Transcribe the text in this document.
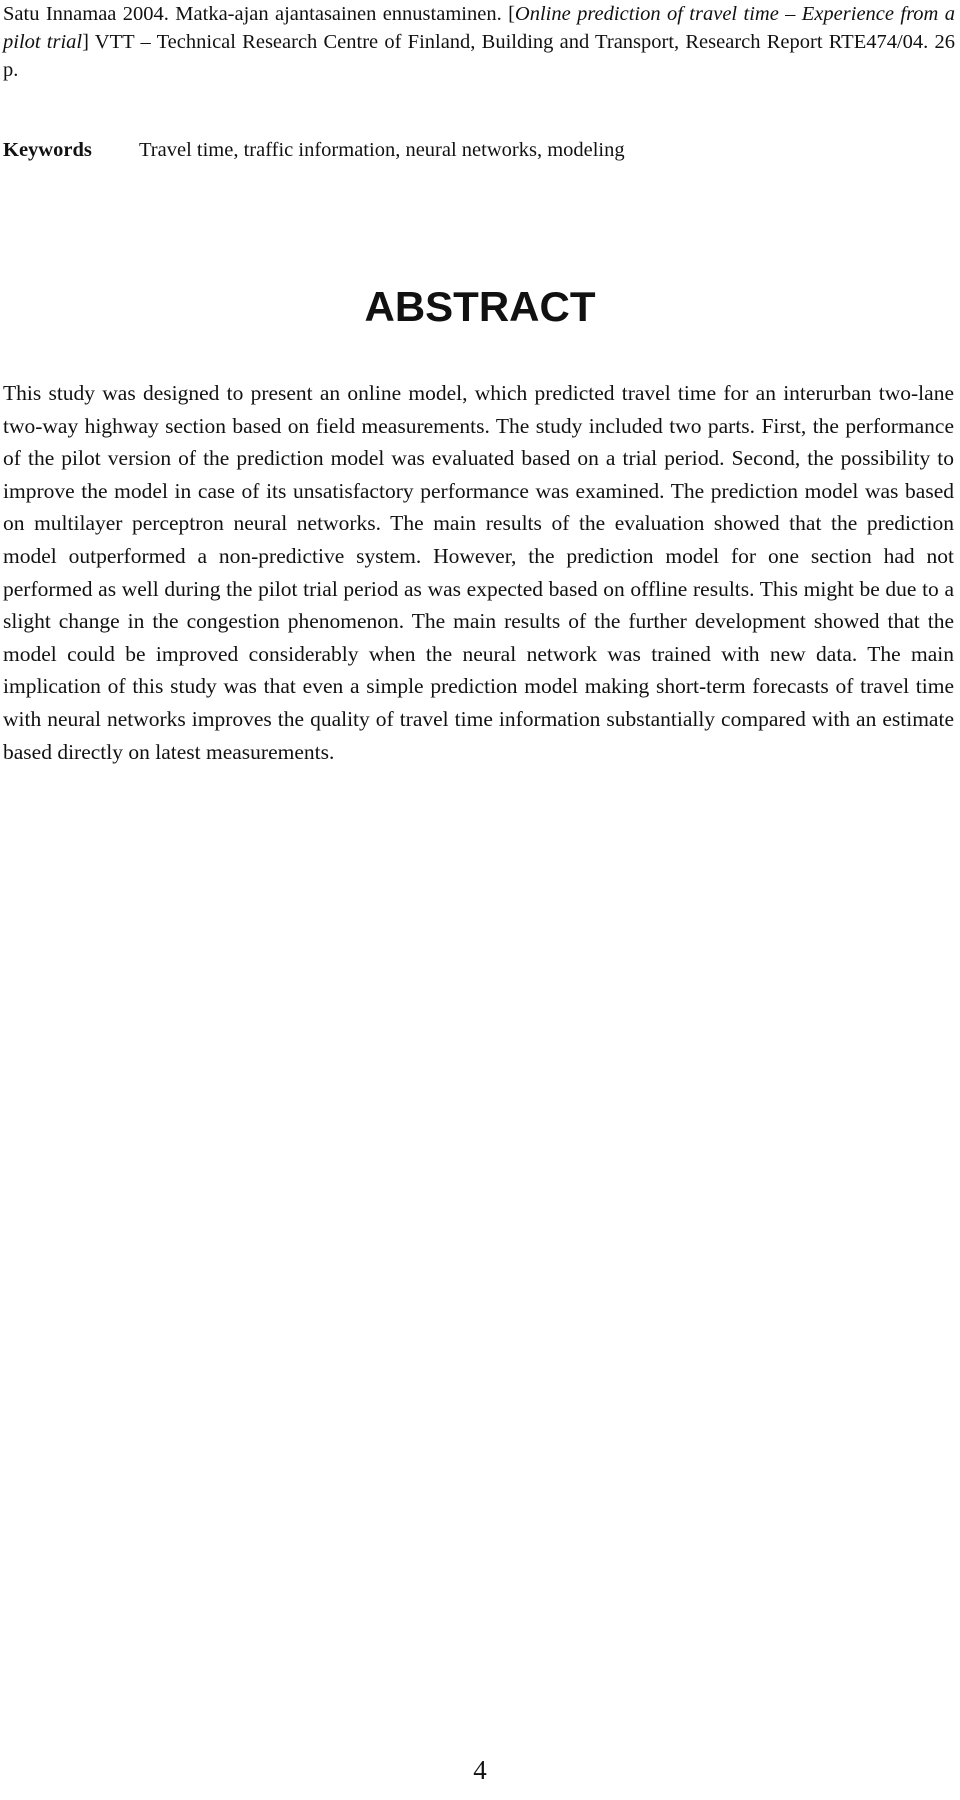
Satu Innamaa 2004. Matka-ajan ajantasainen ennustaminen. [Online prediction of travel time – Experience from a pilot trial] VTT – Technical Research Centre of Finland, Building and Transport, Research Report RTE474/04. 26 p.
Keywords Travel time, traffic information, neural networks, modeling
ABSTRACT

This study was designed to present an online model, which predicted travel time for an interurban two-lane two-way highway section based on field measurements. The study included two parts. First, the performance of the pilot version of the prediction model was evaluated based on a trial period. Second, the possibility to improve the model in case of its unsatisfactory performance was examined. The prediction model was based on multilayer perceptron neural networks. The main results of the evaluation showed that the prediction model outperformed a non-predictive system. However, the prediction model for one section had not performed as well during the pilot trial period as was expected based on offline results. This might be due to a slight change in the congestion phenomenon. The main results of the further development showed that the model could be improved considerably when the neural network was trained with new data. The main implication of this study was that even a simple prediction model making short-term forecasts of travel time with neural networks improves the quality of travel time information substantially compared with an estimate based directly on latest measurements.

4
